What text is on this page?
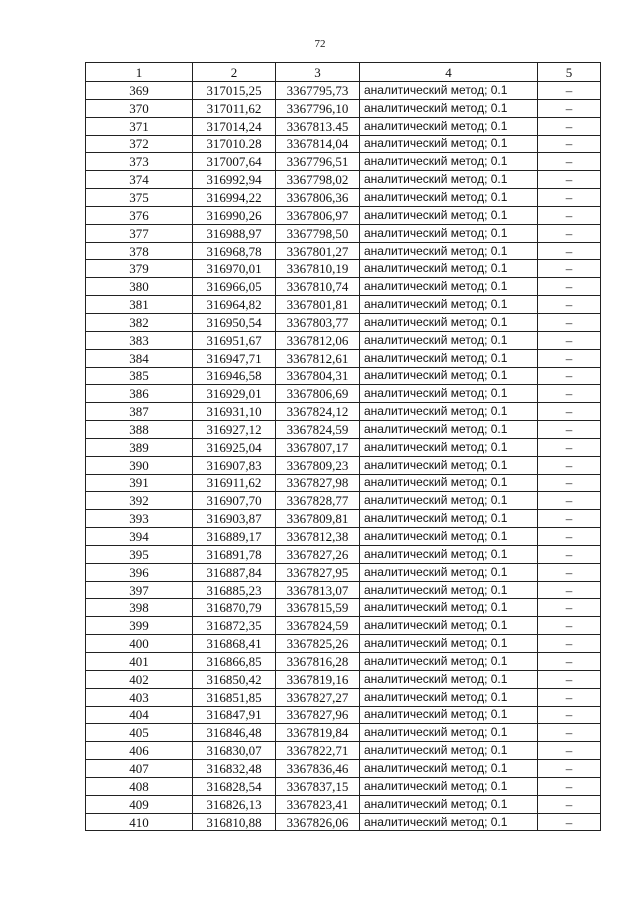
72
1	2	3	4	5
369	317015,25	3367795,73	аналитический метод; 0.1	–
370	317011,62	3367796,10	аналитический метод; 0.1	–
371	317014,24	3367813.45	аналитический метод; 0.1	–
372	317010.28	3367814,04	аналитический метод; 0.1	–
373	317007,64	3367796,51	аналитический метод; 0.1	–
374	316992,94	3367798,02	аналитический метод; 0.1	–
375	316994,22	3367806,36	аналитический метод; 0.1	–
376	316990,26	3367806,97	аналитический метод; 0.1	–
377	316988,97	3367798,50	аналитический метод; 0.1	–
378	316968,78	3367801,27	аналитический метод; 0.1	–
379	316970,01	3367810,19	аналитический метод; 0.1	–
380	316966,05	3367810,74	аналитический метод; 0.1	–
381	316964,82	3367801,81	аналитический метод; 0.1	–
382	316950,54	3367803,77	аналитический метод; 0.1	–
383	316951,67	3367812,06	аналитический метод; 0.1	–
384	316947,71	3367812,61	аналитический метод; 0.1	–
385	316946,58	3367804,31	аналитический метод; 0.1	–
386	316929,01	3367806,69	аналитический метод; 0.1	–
387	316931,10	3367824,12	аналитический метод; 0.1	–
388	316927,12	3367824,59	аналитический метод; 0.1	–
389	316925,04	3367807,17	аналитический метод; 0.1	–
390	316907,83	3367809,23	аналитический метод; 0.1	–
391	316911,62	3367827,98	аналитический метод; 0.1	–
392	316907,70	3367828,77	аналитический метод; 0.1	–
393	316903,87	3367809,81	аналитический метод; 0.1	–
394	316889,17	3367812,38	аналитический метод; 0.1	–
395	316891,78	3367827,26	аналитический метод; 0.1	–
396	316887,84	3367827,95	аналитический метод; 0.1	–
397	316885,23	3367813,07	аналитический метод; 0.1	–
398	316870,79	3367815,59	аналитический метод; 0.1	–
399	316872,35	3367824,59	аналитический метод; 0.1	–
400	316868,41	3367825,26	аналитический метод; 0.1	–
401	316866,85	3367816,28	аналитический метод; 0.1	–
402	316850,42	3367819,16	аналитический метод; 0.1	–
403	316851,85	3367827,27	аналитический метод; 0.1	–
404	316847,91	3367827,96	аналитический метод; 0.1	–
405	316846,48	3367819,84	аналитический метод; 0.1	–
406	316830,07	3367822,71	аналитический метод; 0.1	–
407	316832,48	3367836,46	аналитический метод; 0.1	–
408	316828,54	3367837,15	аналитический метод; 0.1	–
409	316826,13	3367823,41	аналитический метод; 0.1	–
410	316810,88	3367826,06	аналитический метод; 0.1	–
